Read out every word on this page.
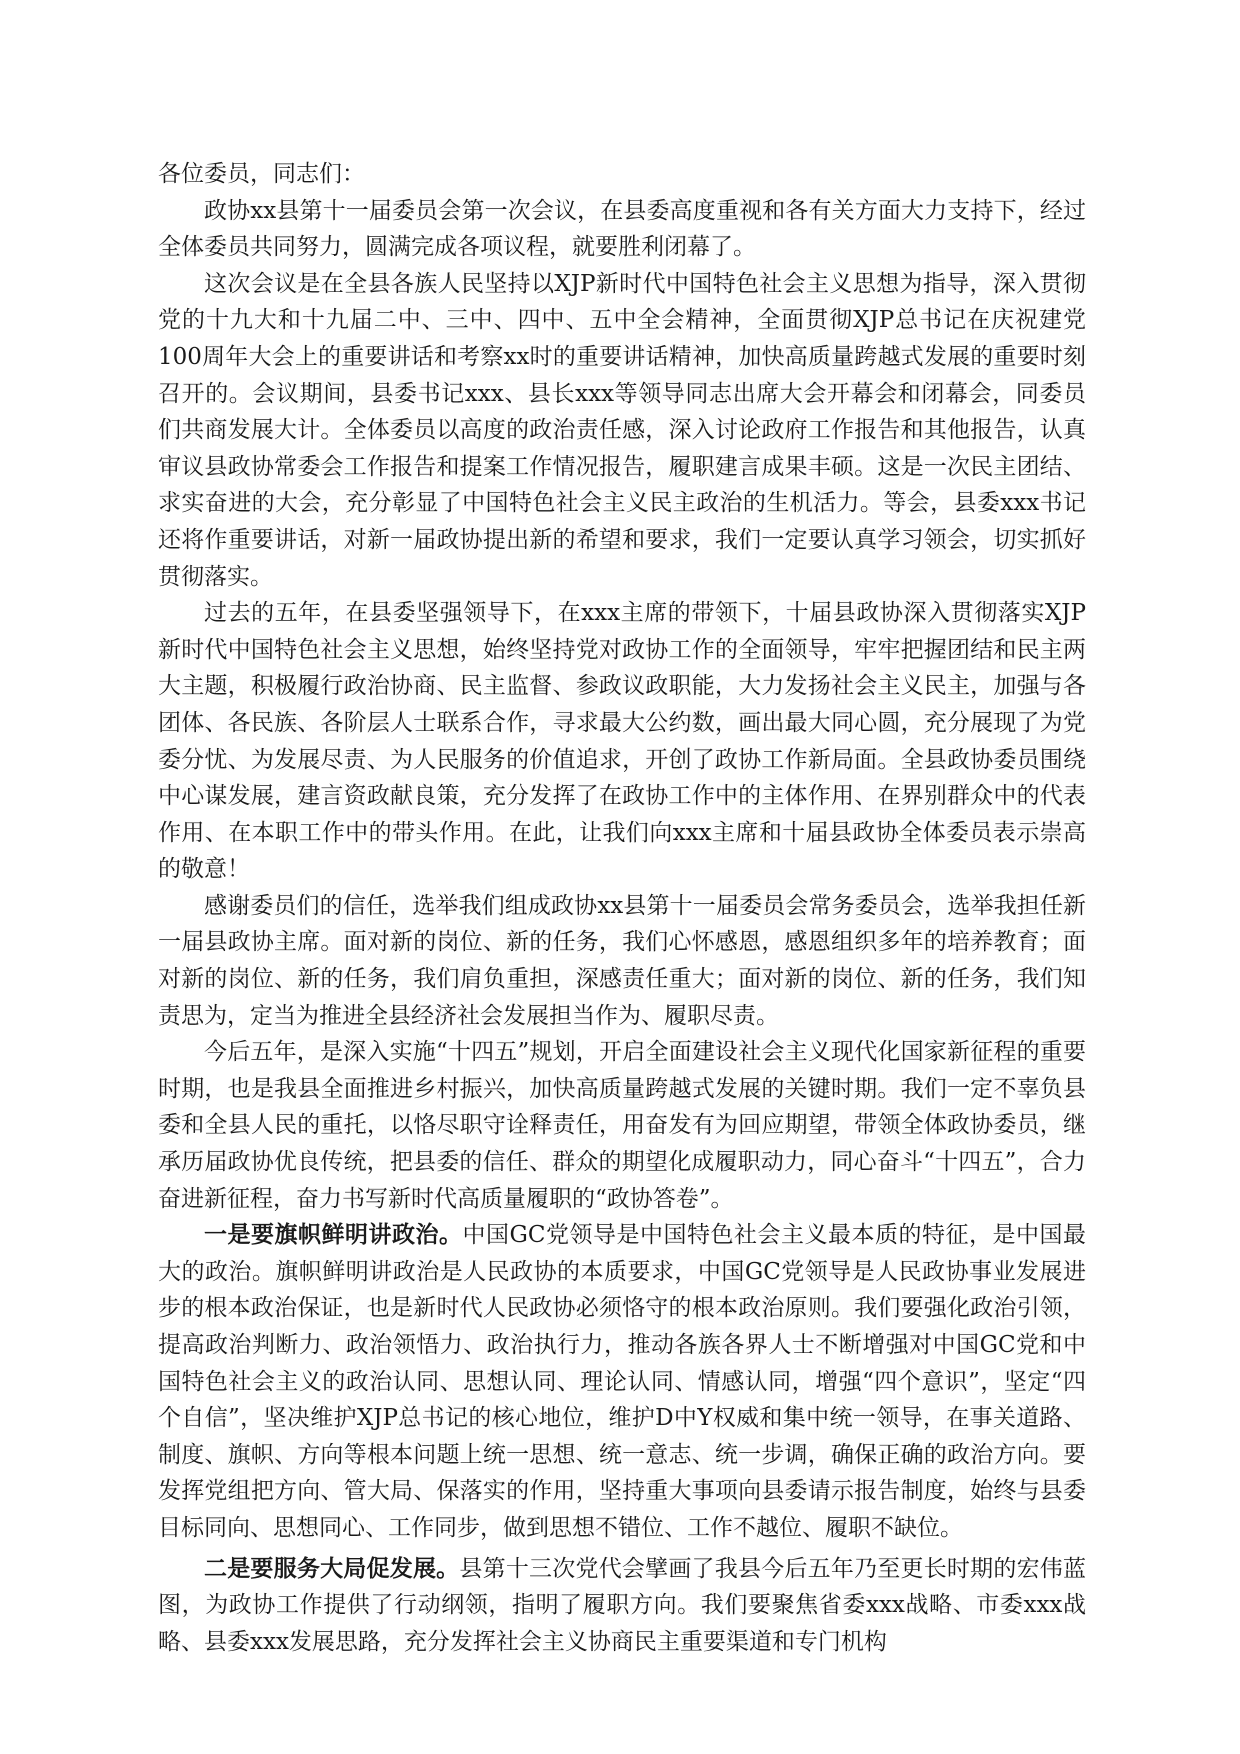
各位委员，同志们：

政协xx县第十一届委员会第一次会议，在县委高度重视和各有关方面大力支持下，经过全体委员共同努力，圆满完成各项议程，就要胜利闭幕了。

这次会议是在全县各族人民坚持以XJP新时代中国特色社会主义思想为指导，深入贯彻党的十九大和十九届二中、三中、四中、五中全会精神，全面贯彻XJP总书记在庆祝建党100周年大会上的重要讲话和考察xx时的重要讲话精神，加快高质量跨越式发展的重要时刻召开的。会议期间，县委书记xxx、县长xxx等领导同志出席大会开幕会和闭幕会，同委员们共商发展大计。全体委员以高度的政治责任感，深入讨论政府工作报告和其他报告，认真审议县政协常委会工作报告和提案工作情况报告，履职建言成果丰硕。这是一次民主团结、求实奋进的大会，充分彰显了中国特色社会主义民主政治的生机活力。等会，县委xxx书记还将作重要讲话，对新一届政协提出新的希望和要求，我们一定要认真学习领会，切实抓好贯彻落实。

过去的五年，在县委坚强领导下，在xxx主席的带领下，十届县政协深入贯彻落实XJP新时代中国特色社会主义思想，始终坚持党对政协工作的全面领导，牢牢把握团结和民主两大主题，积极履行政治协商、民主监督、参政议政职能，大力发扬社会主义民主，加强与各团体、各民族、各阶层人士联系合作，寻求最大公约数，画出最大同心圆，充分展现了为党委分忧、为发展尽责、为人民服务的价值追求，开创了政协工作新局面。全县政协委员围绕中心谋发展，建言资政献良策，充分发挥了在政协工作中的主体作用、在界别群众中的代表作用、在本职工作中的带头作用。在此，让我们向xxx主席和十届县政协全体委员表示崇高的敬意！

感谢委员们的信任，选举我们组成政协xx县第十一届委员会常务委员会，选举我担任新一届县政协主席。面对新的岗位、新的任务，我们心怀感恩，感恩组织多年的培养教育；面对新的岗位、新的任务，我们肩负重担，深感责任重大；面对新的岗位、新的任务，我们知责思为，定当为推进全县经济社会发展担当作为、履职尽责。

今后五年，是深入实施“十四五”规划，开启全面建设社会主义现代化国家新征程的重要时期，也是我县全面推进乡村振兴，加快高质量跨越式发展的关键时期。我们一定不辜负县委和全县人民的重托，以恪尽职守诠释责任，用奋发有为回应期望，带领全体政协委员，继承历届政协优良传统，把县委的信任、群众的期望化成履职动力，同心奋斗“十四五”，合力奋进新征程，奋力书写新时代高质量履职的“政协答卷”。

一是要旗帜鲜明讲政治。中国GC党领导是中国特色社会主义最本质的特征，是中国最大的政治。旗帜鲜明讲政治是人民政协的本质要求，中国GC党领导是人民政协事业发展进步的根本政治保证，也是新时代人民政协必须恪守的根本政治原则。我们要强化政治引领，提高政治判断力、政治领悟力、政治执行力，推动各族各界人士不断增强对中国GC党和中国特色社会主义的政治认同、思想认同、理论认同、情感认同，增强“四个意识”，坚定“四个自信”，坚决维护XJP总书记的核心地位，维护D中Y权威和集中统一领导，在事关道路、制度、旗帜、方向等根本问题上统一思想、统一意志、统一步调，确保正确的政治方向。要发挥党组把方向、管大局、保落实的作用，坚持重大事项向县委请示报告制度，始终与县委目标同向、思想同心、工作同步，做到思想不错位、工作不越位、履职不缺位。

二是要服务大局促发展。县第十三次党代会擘画了我县今后五年乃至更长时期的宏伟蓝图，为政协工作提供了行动纲领，指明了履职方向。我们要聚焦省委xxx战略、市委xxx战略、县委xxx发展思路，充分发挥社会主义协商民主重要渠道和专门机构
